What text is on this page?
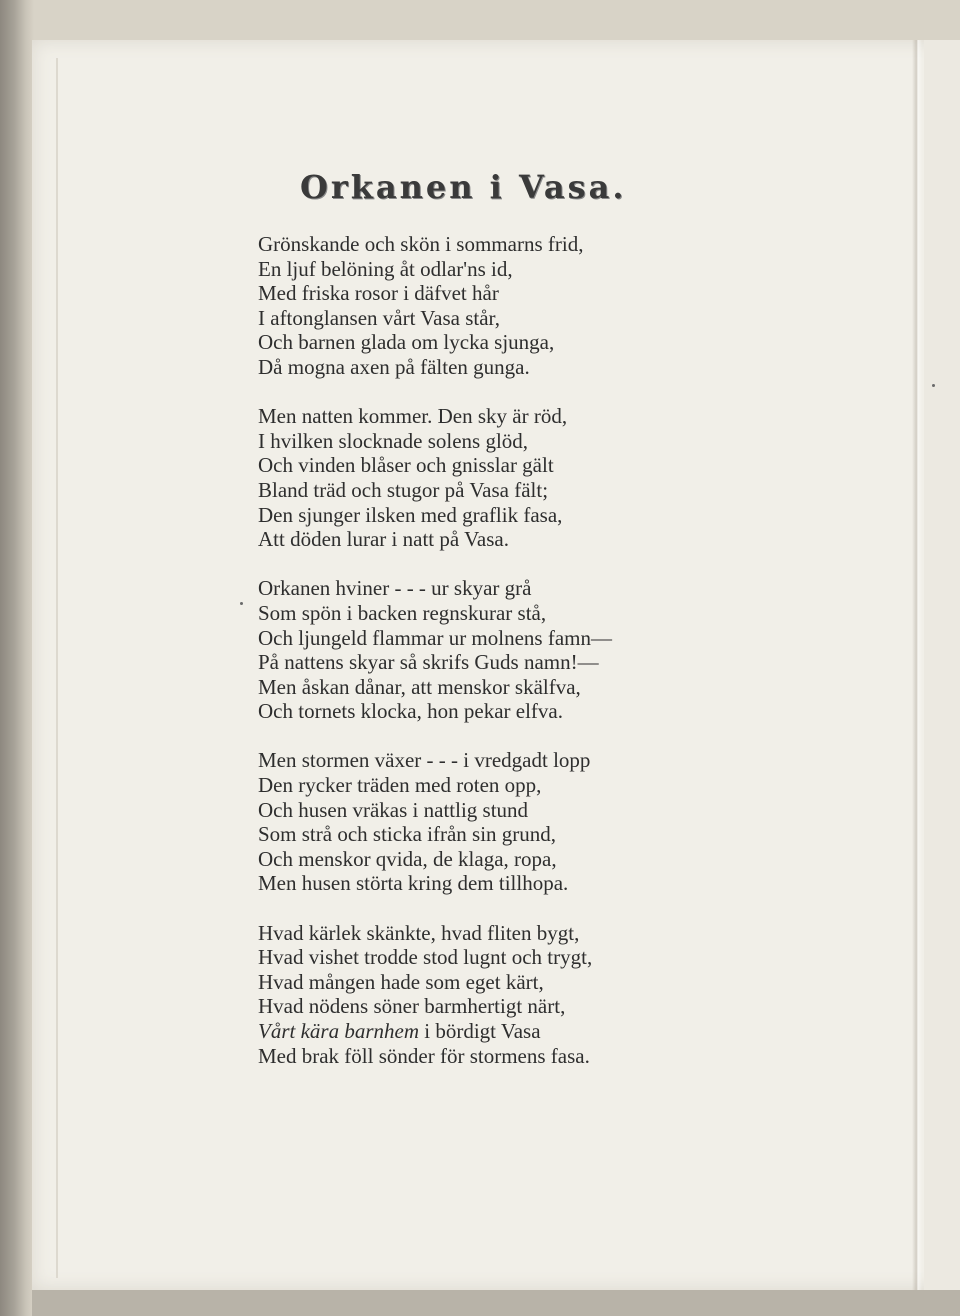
Orkanen i Vasa.
Grönskande och skön i sommarns frid,
En ljuf belöning åt odlar'ns id,
Med friska rosor i däfvet hår
I aftonglansen vårt Vasa står,
Och barnen glada om lycka sjunga,
Då mogna axen på fälten gunga.
Men natten kommer. Den sky är röd,
I hvilken slocknade solens glöd,
Och vinden blåser och gnisslar gält
Bland träd och stugor på Vasa fält;
Den sjunger ilsken med graflik fasa,
Att döden lurar i natt på Vasa.
Orkanen hviner - - - ur skyar grå
Som spön i backen regnskurar stå,
Och ljungeld flammar ur molnens famn—
På nattens skyar så skrifs Guds namn!—
Men åskan dånar, att menskor skälfva,
Och tornets klocka, hon pekar elfva.
Men stormen växer - - - i vredgadt lopp
Den rycker träden med roten opp,
Och husen vräkas i nattlig stund
Som strå och sticka ifrån sin grund,
Och menskor qvida, de klaga, ropa,
Men husen störta kring dem tillhopa.
Hvad kärlek skänkte, hvad fliten bygt,
Hvad vishet trodde stod lugnt och trygt,
Hvad mången hade som eget kärt,
Hvad nödens söner barmhertigt närt,
Vårt kära barnhem i bördigt Vasa
Med brak föll sönder för stormens fasa.
